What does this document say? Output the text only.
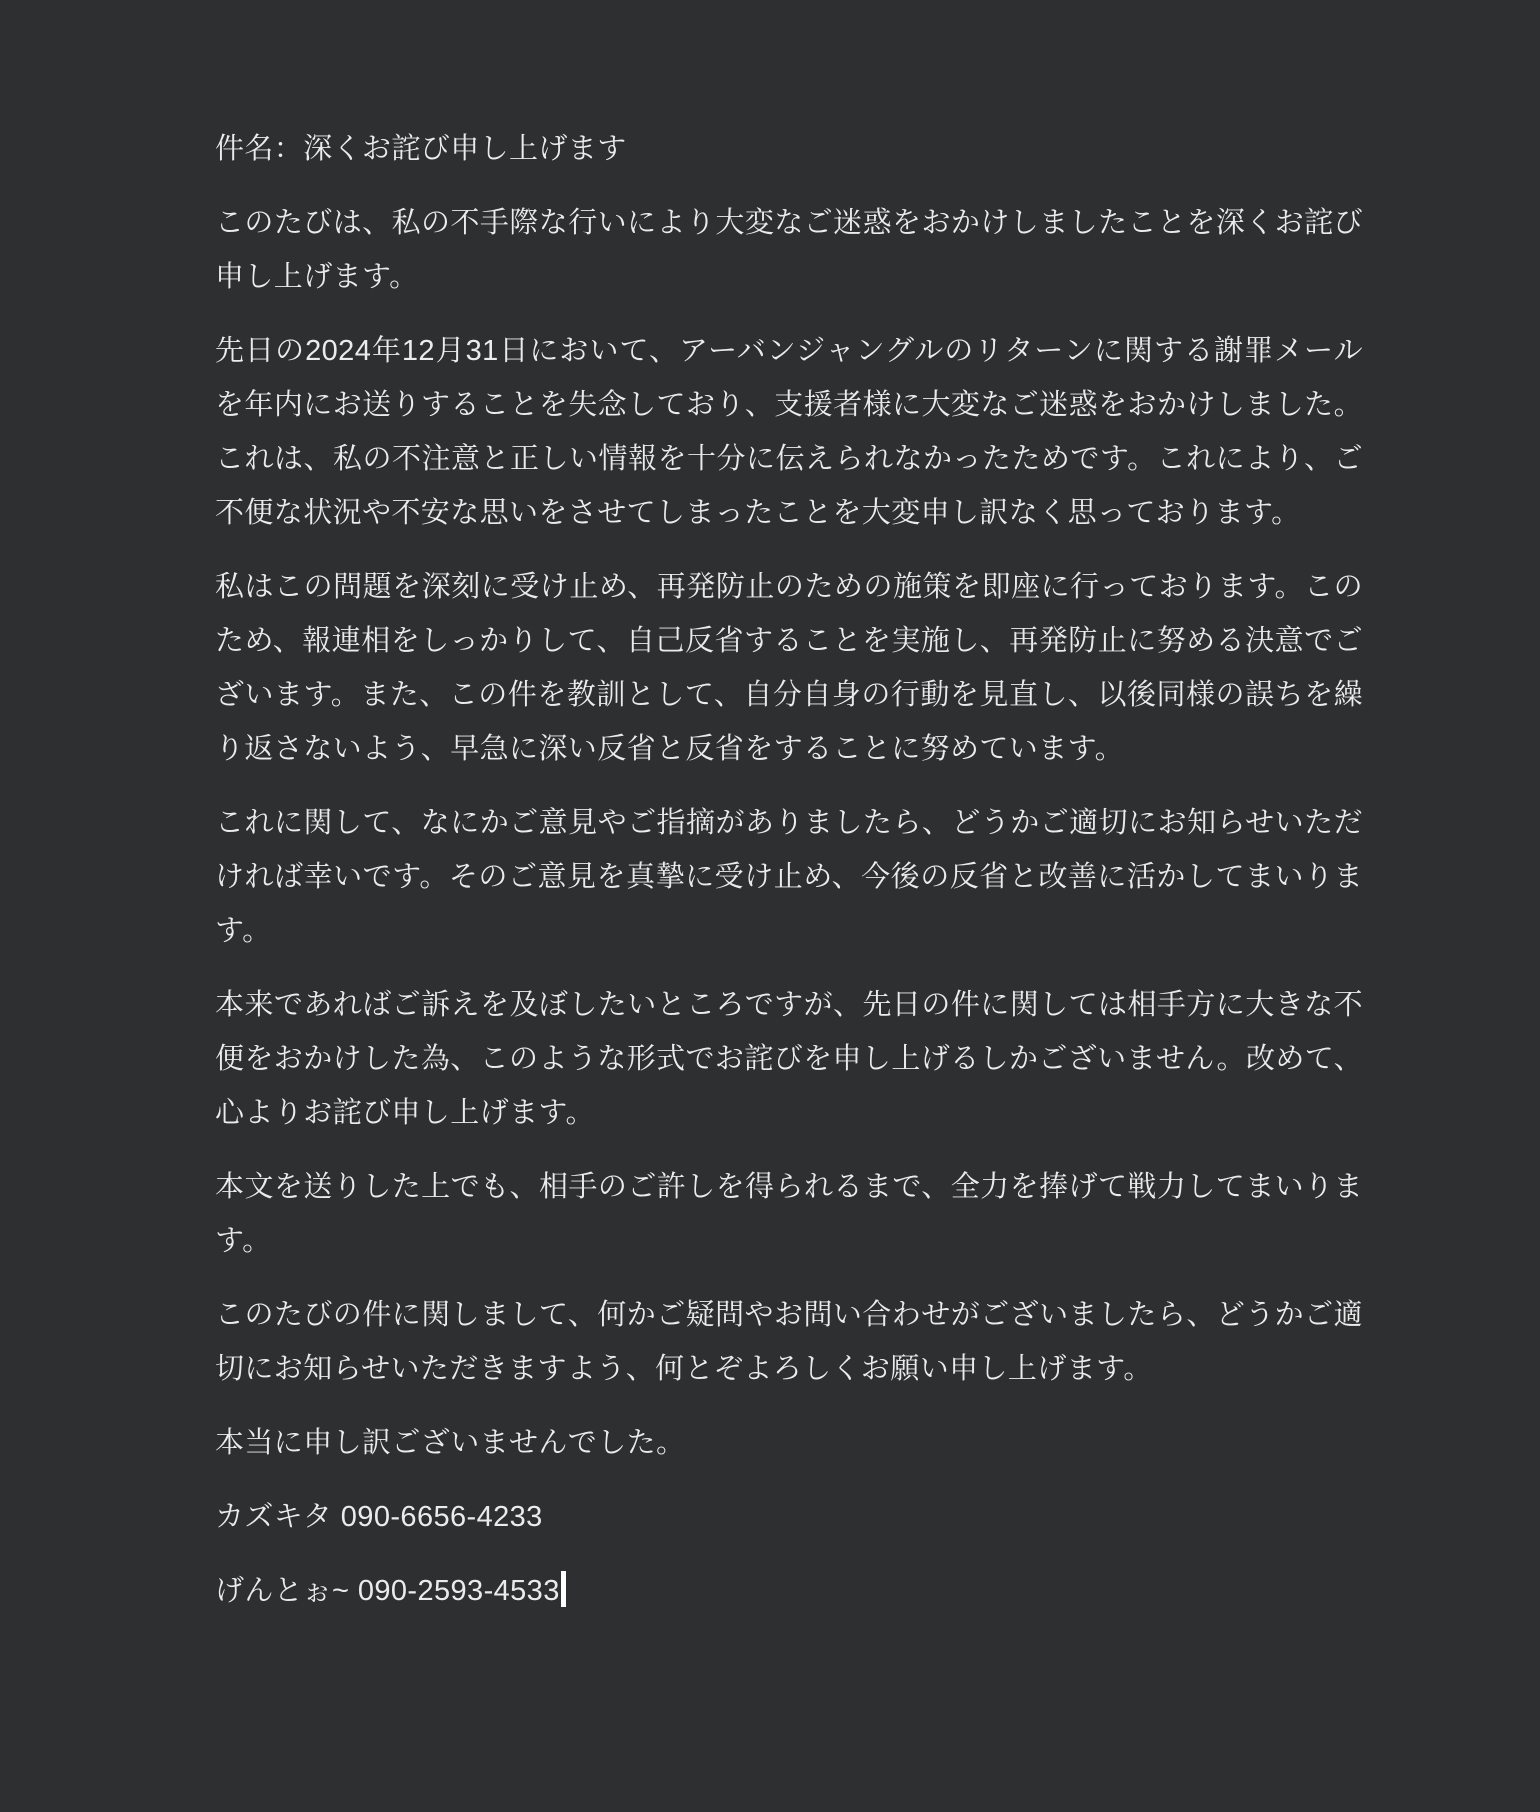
件名：深くお詫び申し上げます

このたびは、私の不手際な行いにより大変なご迷惑をおかけしましたことを深くお詫び申し上げます。

先日の2024年12月31日において、アーバンジャングルのリターンに関する謝罪メールを年内にお送りすることを失念しており、支援者様に大変なご迷惑をおかけしました。これは、私の不注意と正しい情報を十分に伝えられなかったためです。これにより、ご不便な状況や不安な思いをさせてしまったことを大変申し訳なく思っております。

私はこの問題を深刻に受け止め、再発防止のための施策を即座に行っております。このため、報連相をしっかりして、自己反省することを実施し、再発防止に努める決意でございます。また、この件を教訓として、自分自身の行動を見直し、以後同様の誤ちを繰り返さないよう、早急に深い反省と反省をすることに努めています。

これに関して、なにかご意見やご指摘がありましたら、どうかご適切にお知らせいただければ幸いです。そのご意見を真摯に受け止め、今後の反省と改善に活かしてまいります。

本来であればご訴えを及ぼしたいところですが、先日の件に関しては相手方に大きな不便をおかけした為、このような形式でお詫びを申し上げるしかございません。改めて、心よりお詫び申し上げます。

本文を送りした上でも、相手のご許しを得られるまで、全力を捧げて戦力してまいります。

このたびの件に関しまして、何かご疑問やお問い合わせがございましたら、どうかご適切にお知らせいただきますよう、何とぞよろしくお願い申し上げます。

本当に申し訳ございませんでした。

カズキタ 090-6656-4233

げんとぉ~ 090-2593-4533
